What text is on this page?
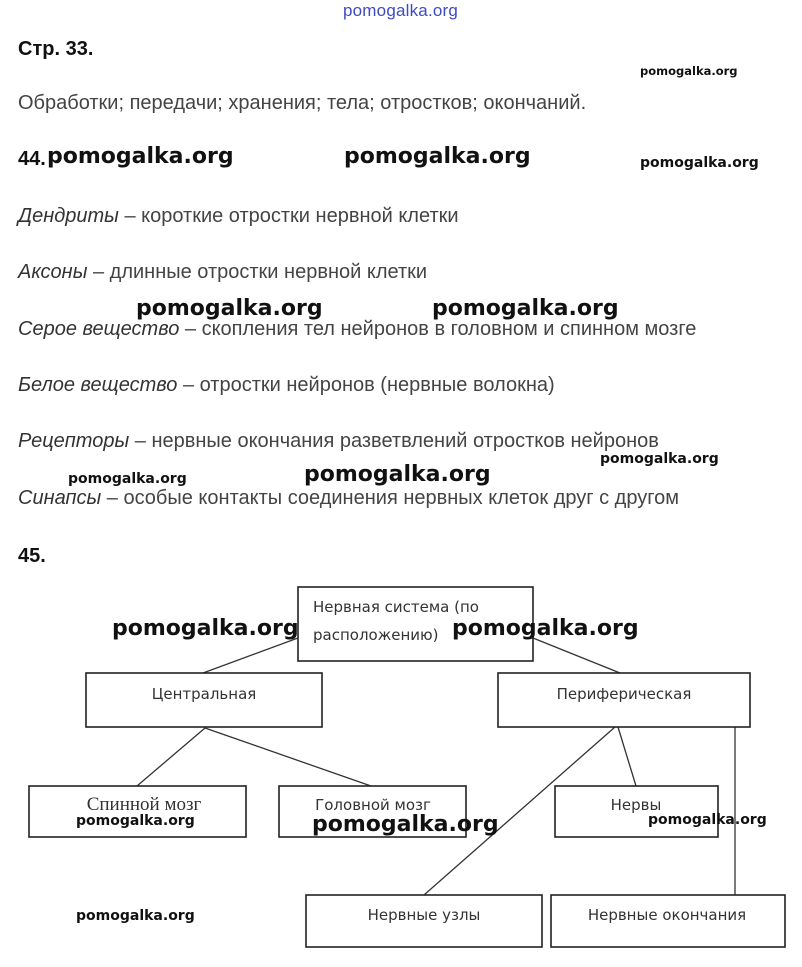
pomogalka.org
Стр. 33.
pomogalka.org
Обработки; передачи; хранения; тела; отростков; окончаний.
44. pomogalka.org	pomogalka.org	pomogalka.org
Дендриты – короткие отростки нервной клетки
Аксоны – длинные отростки нервной клетки
pomogalka.org	pomogalka.org
Серое вещество – скопления тел нейронов в головном и спинном мозге
Белое вещество – отростки нейронов (нервные волокна)
Рецепторы – нервные окончания разветвлений отростков нейронов
pomogalka.org
pomogalka.org	pomogalka.org
Синапсы – особые контакты соединения нервных клеток друг с другом
45.
Нервная система (по
расположению)
Центральная	Периферическая
Спинной мозг	Головной мозг	Нервы
Нервные узлы	Нервные окончания
pomogalka.org	pomogalka.org
pomogalka.org	pomogalka.org	pomogalka.org
pomogalka.org
